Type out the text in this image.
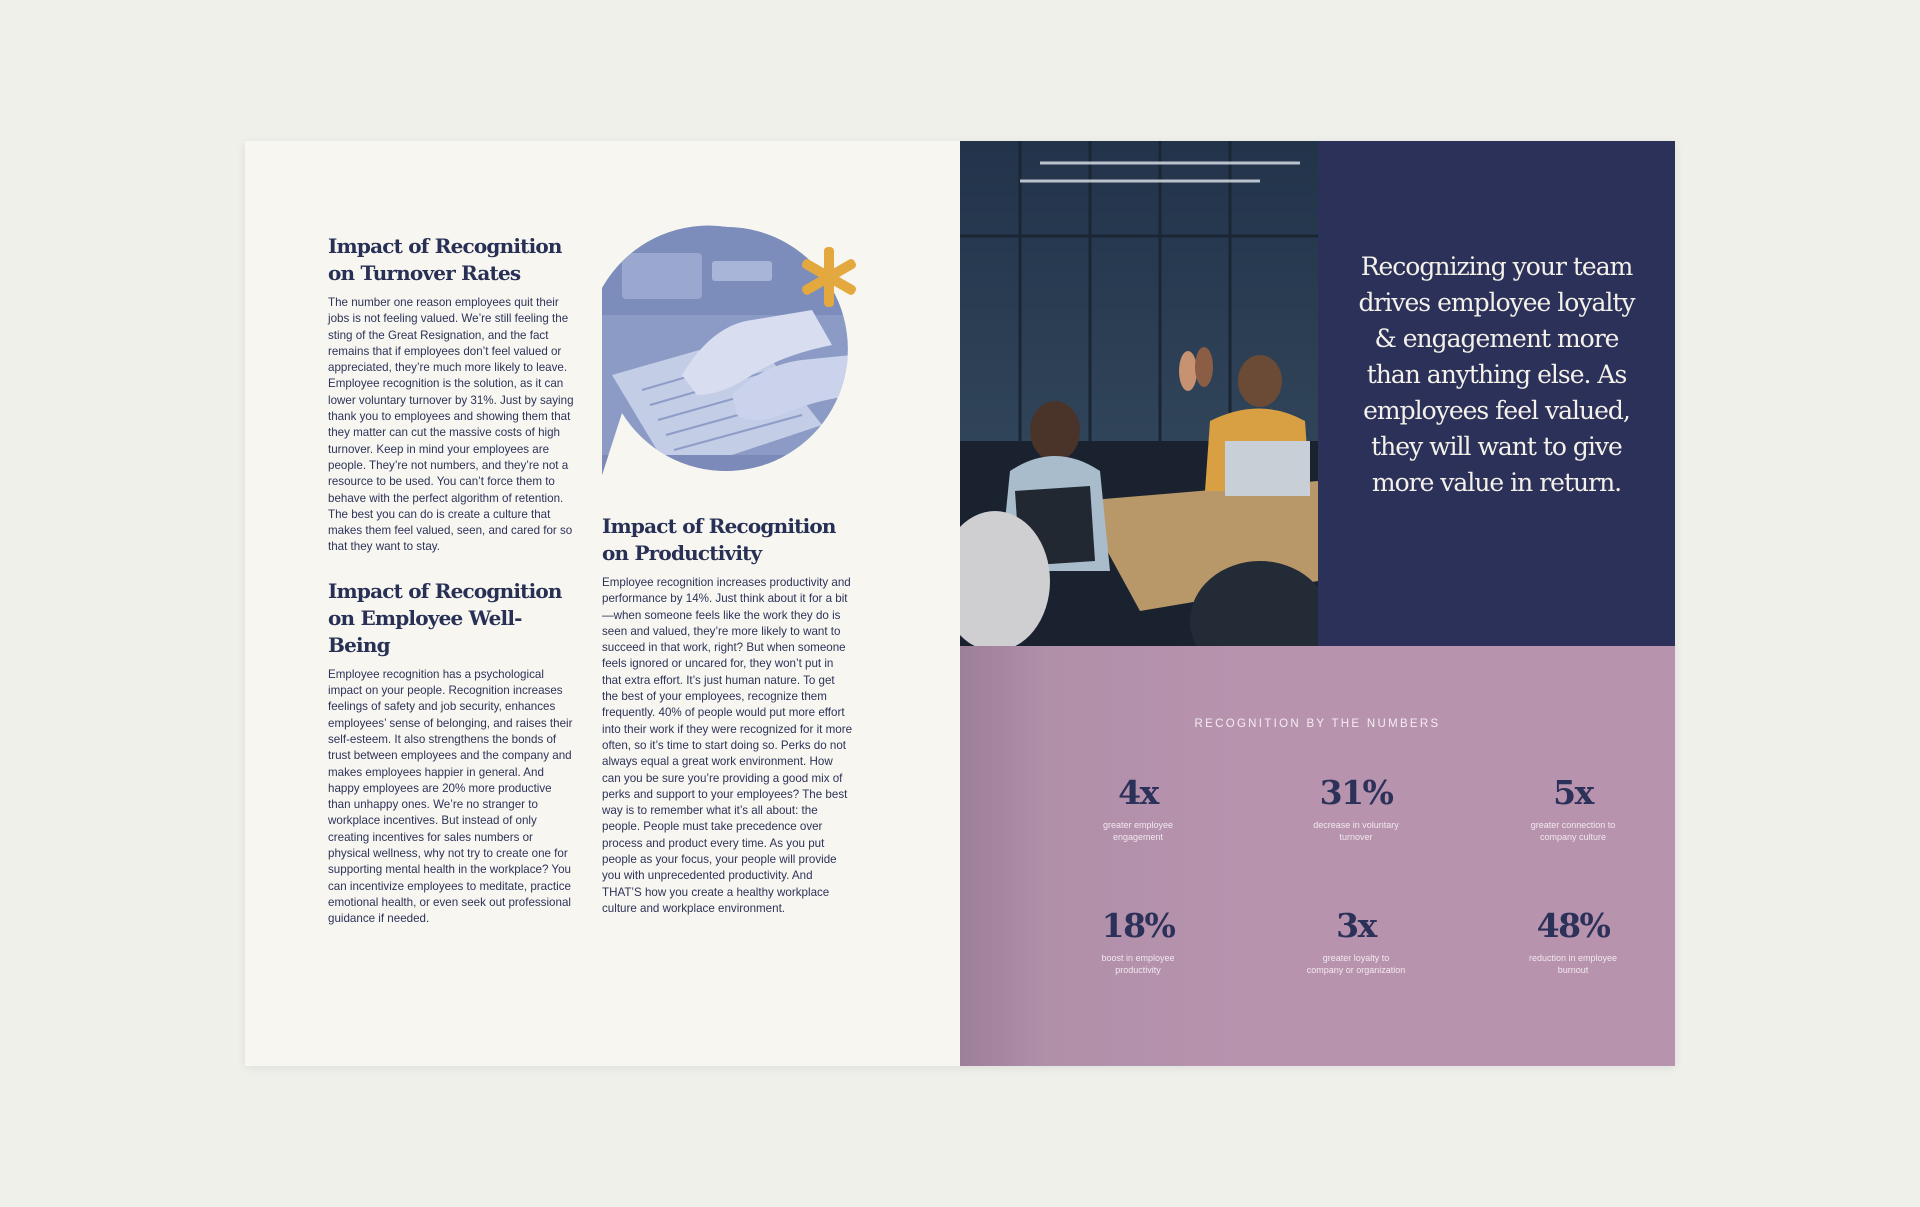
Impact of Recognition on Turnover Rates

The number one reason employees quit their jobs is not feeling valued. We’re still feeling the sting of the Great Resignation, and the fact remains that if employees don’t feel valued or appreciated, they’re much more likely to leave. Employee recognition is the solution, as it can lower voluntary turnover by 31%. Just by saying thank you to employees and showing them that they matter can cut the massive costs of high turnover. Keep in mind your employees are people. They’re not numbers, and they’re not a resource to be used. You can’t force them to behave with the perfect algorithm of retention. The best you can do is create a culture that makes them feel valued, seen, and cared for so that they want to stay.

Impact of Recognition on Employee Well-Being

Employee recognition has a psychological impact on your people. Recognition increases feelings of safety and job security, enhances employees’ sense of belonging, and raises their self-esteem. It also strengthens the bonds of trust between employees and the company and makes employees happier in general. And happy employees are 20% more productive than unhappy ones. We’re no stranger to workplace incentives. But instead of only creating incentives for sales numbers or physical wellness, why not try to create one for supporting mental health in the workplace? You can incentivize employees to meditate, practice emotional health, or even seek out professional guidance if needed.

Impact of Recognition on Productivity

Employee recognition increases productivity and performance by 14%. Just think about it for a bit—when someone feels like the work they do is seen and valued, they’re more likely to want to succeed in that work, right? But when someone feels ignored or uncared for, they won’t put in that extra effort. It’s just human nature. To get the best of your employees, recognize them frequently. 40% of people would put more effort into their work if they were recognized for it more often, so it’s time to start doing so. Perks do not always equal a great work environment. How can you be sure you’re providing a good mix of perks and support to your employees? The best way is to remember what it’s all about: the people. People must take precedence over process and product every time. As you put people as your focus, your people will provide you with unprecedented productivity. And THAT’S how you create a healthy workplace culture and workplace environment.

Recognizing your team drives employee loyalty & engagement more than anything else. As employees feel valued, they will want to give more value in return.

RECOGNITION BY THE NUMBERS

4x
greater employee engagement
31%
decrease in voluntary turnover
5x
greater connection to company culture
18%
boost in employee productivity
3x
greater loyalty to company or organization
48%
reduction in employee burnout
